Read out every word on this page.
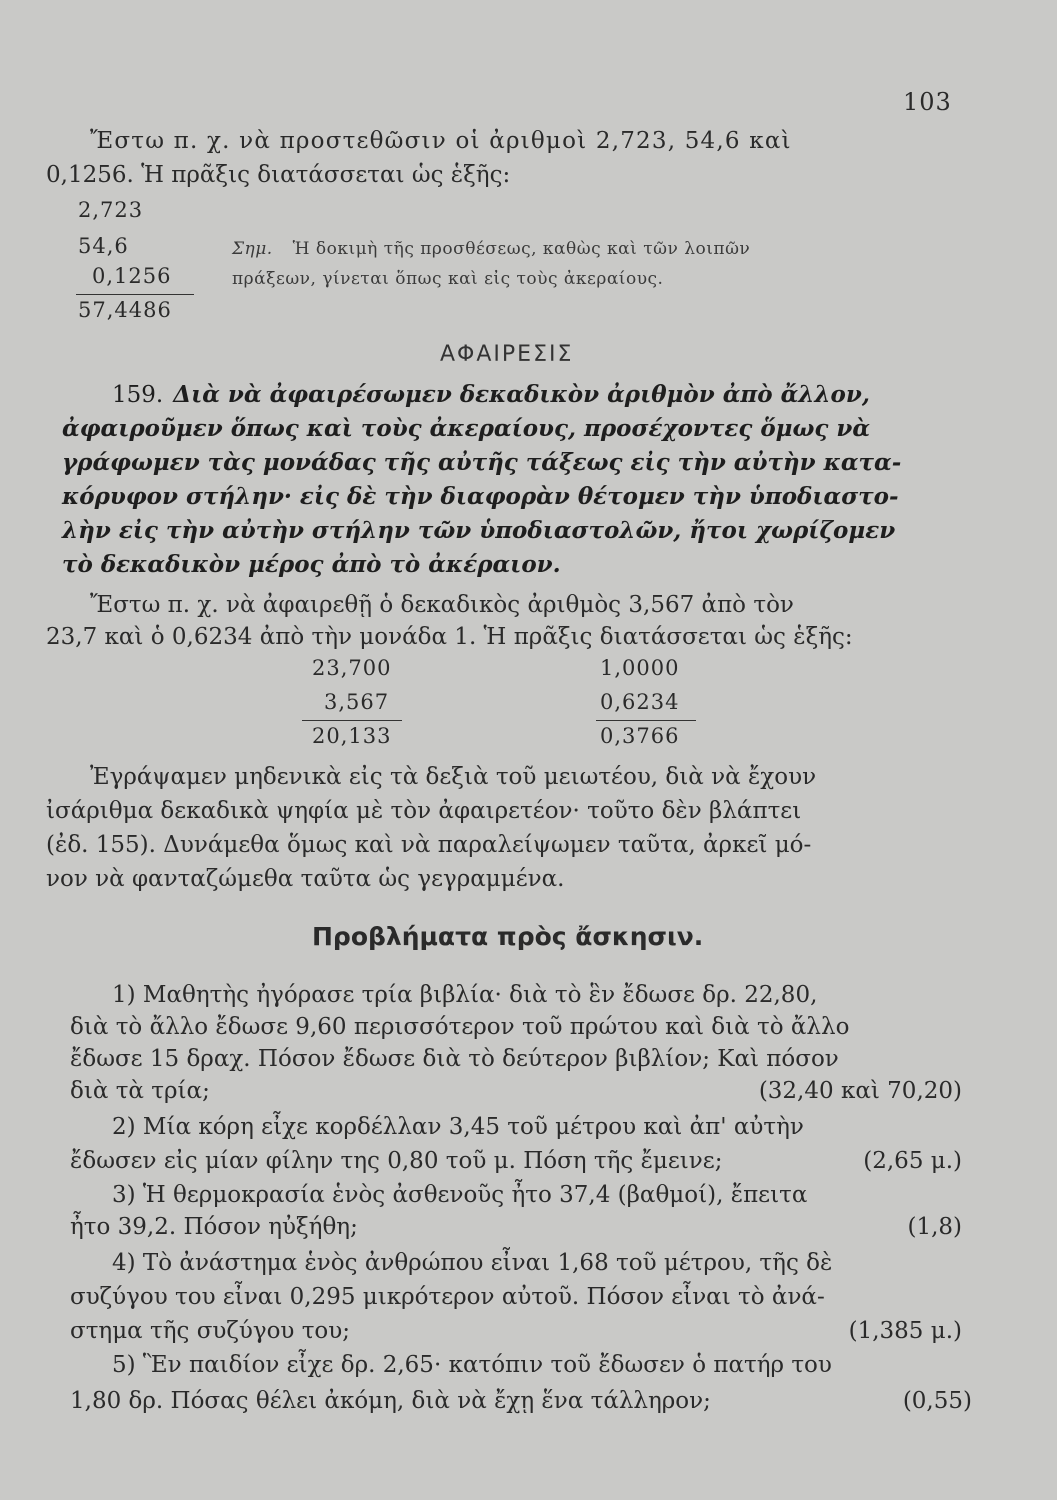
103
Ἔστω π. χ. νὰ προστεθῶσιν οἱ ἀριθμοὶ 2,723, 54,6 καὶ
0,1256. Ἡ πρᾶξις διατάσσεται ὡς ἑξῆς:
2,723
54,6
0,1256
57,4486
Σημ. Ἡ δοκιμὴ τῆς προσθέσεως, καθὼς καὶ τῶν λοιπῶν
πράξεων, γίνεται ὅπως καὶ εἰς τοὺς ἀκεραίους.
ΑΦΑΙΡΕΣΙΣ
159. Διὰ νὰ ἀφαιρέσωμεν δεκαδικὸν ἀριθμὸν ἀπὸ ἄλλον,
ἀφαιροῦμεν ὅπως καὶ τοὺς ἀκεραίους, προσέχοντες ὅμως νὰ
γράφωμεν τὰς μονάδας τῆς αὐτῆς τάξεως εἰς τὴν αὐτὴν κατα-
κόρυφον στήλην· εἰς δὲ τὴν διαφορὰν θέτομεν τὴν ὑποδιαστο-
λὴν εἰς τὴν αὐτὴν στήλην τῶν ὑποδιαστολῶν, ἤτοι χωρίζομεν
τὸ δεκαδικὸν μέρος ἀπὸ τὸ ἀκέραιον.
Ἔστω π. χ. νὰ ἀφαιρεθῇ ὁ δεκαδικὸς ἀριθμὸς 3,567 ἀπὸ τὸν
23,7 καὶ ὁ 0,6234 ἀπὸ τὴν μονάδα 1. Ἡ πρᾶξις διατάσσεται ὡς ἑξῆς:
23,700
3,567
20,133
1,0000
0,6234
0,3766
Ἐγράψαμεν μηδενικὰ εἰς τὰ δεξιὰ τοῦ μειωτέου, διὰ νὰ ἔχουν
ἰσάριθμα δεκαδικὰ ψηφία μὲ τὸν ἀφαιρετέον· τοῦτο δὲν βλάπτει
(ἐδ. 155). Δυνάμεθα ὅμως καὶ νὰ παραλείψωμεν ταῦτα, ἀρκεῖ μό-
νον νὰ φανταζώμεθα ταῦτα ὡς γεγραμμένα.
Προβλήματα πρὸς ἄσκησιν.
1) Μαθητὴς ἠγόρασε τρία βιβλία· διὰ τὸ ἓν ἔδωσε δρ. 22,80,
διὰ τὸ ἄλλο ἔδωσε 9,60 περισσότερον τοῦ πρώτου καὶ διὰ τὸ ἄλλο
ἔδωσε 15 δραχ. Πόσον ἔδωσε διὰ τὸ δεύτερον βιβλίον; Καὶ πόσον
διὰ τὰ τρία;	(32,40 καὶ 70,20)
2) Μία κόρη εἶχε κορδέλλαν 3,45 τοῦ μέτρου καὶ ἀπ' αὐτὴν
ἔδωσεν εἰς μίαν φίλην της 0,80 τοῦ μ. Πόση τῆς ἔμεινε;	(2,65 μ.)
3) Ἡ θερμοκρασία ἑνὸς ἀσθενοῦς ἦτο 37,4 (βαθμοί), ἔπειτα
ἦτο 39,2. Πόσον ηὐξήθη;	(1,8)
4) Τὸ ἀνάστημα ἑνὸς ἀνθρώπου εἶναι 1,68 τοῦ μέτρου, τῆς δὲ
συζύγου του εἶναι 0,295 μικρότερον αὐτοῦ. Πόσον εἶναι τὸ ἀνά-
στημα τῆς συζύγου του;	(1,385 μ.)
5) Ἓν παιδίον εἶχε δρ. 2,65· κατόπιν τοῦ ἔδωσεν ὁ πατήρ του
1,80 δρ. Πόσας θέλει ἀκόμη, διὰ νὰ ἔχῃ ἕνα τάλληρον;	(0,55)
